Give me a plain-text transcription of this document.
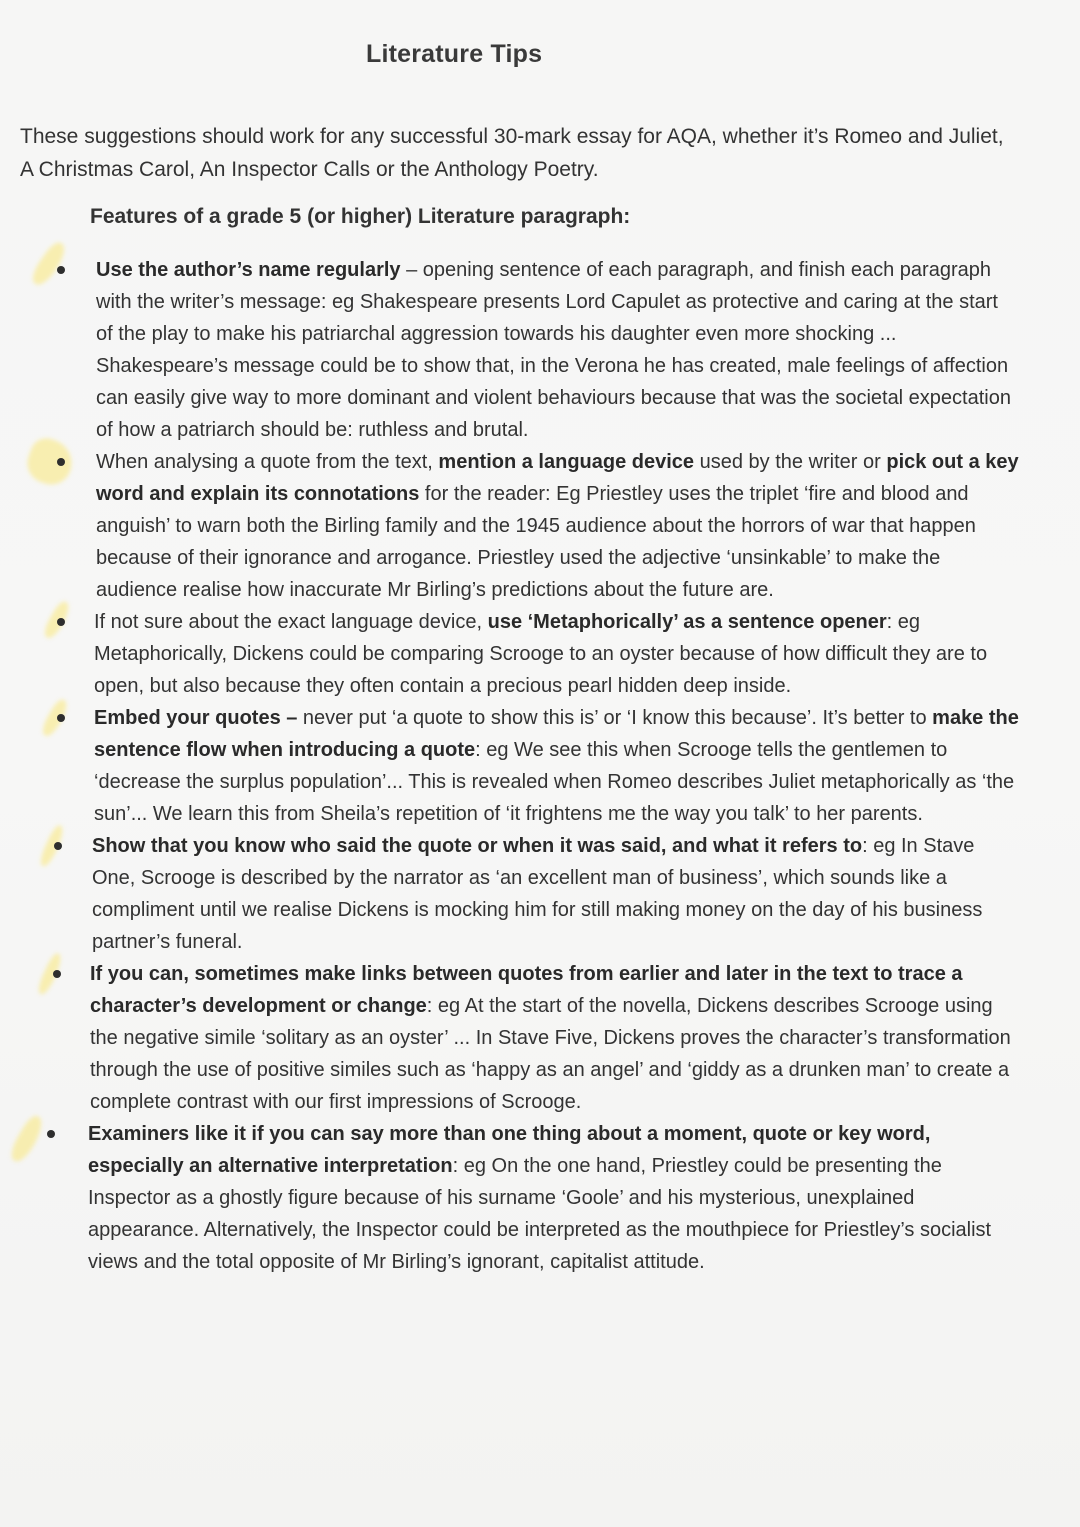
Literature Tips
These suggestions should work for any successful 30-mark essay for AQA, whether it’s Romeo and Juliet, A Christmas Carol, An Inspector Calls or the Anthology Poetry.
Features of a grade 5 (or higher) Literature paragraph:
Use the author’s name regularly – opening sentence of each paragraph, and finish each paragraph with the writer’s message: eg Shakespeare presents Lord Capulet as protective and caring at the start of the play to make his patriarchal aggression towards his daughter even more shocking ... Shakespeare’s message could be to show that, in the Verona he has created, male feelings of affection can easily give way to more dominant and violent behaviours because that was the societal expectation of how a patriarch should be: ruthless and brutal.
When analysing a quote from the text, mention a language device used by the writer or pick out a key word and explain its connotations for the reader: Eg Priestley uses the triplet ‘fire and blood and anguish’ to warn both the Birling family and the 1945 audience about the horrors of war that happen because of their ignorance and arrogance. Priestley used the adjective ‘unsinkable’ to make the audience realise how inaccurate Mr Birling’s predictions about the future are.
If not sure about the exact language device, use ‘Metaphorically’ as a sentence opener: eg Metaphorically, Dickens could be comparing Scrooge to an oyster because of how difficult they are to open, but also because they often contain a precious pearl hidden deep inside.
Embed your quotes – never put ‘a quote to show this is’ or ‘I know this because’. It’s better to make the sentence flow when introducing a quote: eg We see this when Scrooge tells the gentlemen to ‘decrease the surplus population’... This is revealed when Romeo describes Juliet metaphorically as ‘the sun’... We learn this from Sheila’s repetition of ‘it frightens me the way you talk’ to her parents.
Show that you know who said the quote or when it was said, and what it refers to: eg In Stave One, Scrooge is described by the narrator as ‘an excellent man of business’, which sounds like a compliment until we realise Dickens is mocking him for still making money on the day of his business partner’s funeral.
If you can, sometimes make links between quotes from earlier and later in the text to trace a character’s development or change: eg At the start of the novella, Dickens describes Scrooge using the negative simile ‘solitary as an oyster’ ... In Stave Five, Dickens proves the character’s transformation through the use of positive similes such as ‘happy as an angel’ and ‘giddy as a drunken man’ to create a complete contrast with our first impressions of Scrooge.
Examiners like it if you can say more than one thing about a moment, quote or key word, especially an alternative interpretation: eg On the one hand, Priestley could be presenting the Inspector as a ghostly figure because of his surname ‘Goole’ and his mysterious, unexplained appearance. Alternatively, the Inspector could be interpreted as the mouthpiece for Priestley’s socialist views and the total opposite of Mr Birling’s ignorant, capitalist attitude.
